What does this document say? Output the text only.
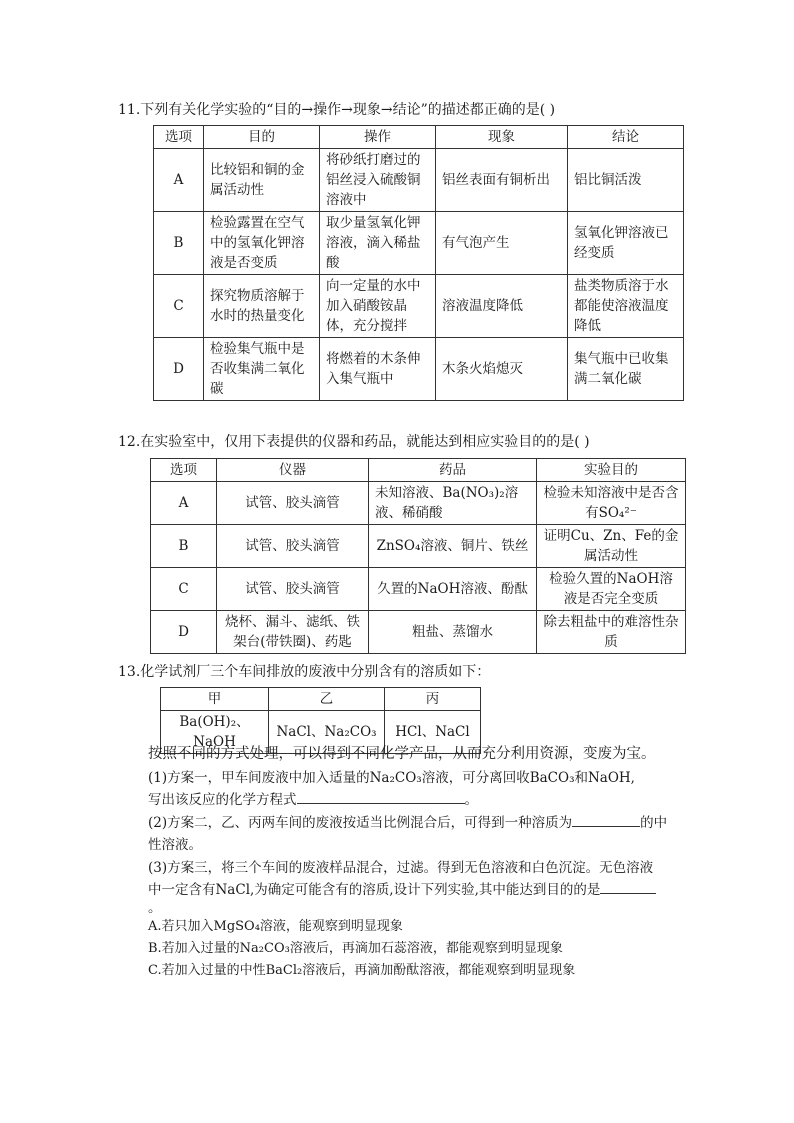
11.下列有关化学实验的“目的→操作→现象→结论”的描述都正确的是( )
选项	目的	操作	现象	结论
A	比较铝和铜的金属活动性	将砂纸打磨过的铝丝浸入硫酸铜溶液中	铝丝表面有铜析出	铝比铜活泼
B	检验露置在空气中的氢氧化钾溶液是否变质	取少量氢氧化钾溶液，滴入稀盐酸	有气泡产生	氢氧化钾溶液已经变质
C	探究物质溶解于水时的热量变化	向一定量的水中加入硝酸铵晶体，充分搅拌	溶液温度降低	盐类物质溶于水都能使溶液温度降低
D	检验集气瓶中是否收集满二氧化碳	将燃着的木条伸入集气瓶中	木条火焰熄灭	集气瓶中已收集满二氧化碳
12.在实验室中，仅用下表提供的仪器和药品，就能达到相应实验目的的是( )
选项	仪器	药品	实验目的
A	试管、胶头滴管	未知溶液、Ba(NO₃)₂溶液、稀硝酸	检验未知溶液中是否含有SO₄²⁻
B	试管、胶头滴管	ZnSO₄溶液、铜片、铁丝	证明Cu、Zn、Fe的金属活动性
C	试管、胶头滴管	久置的NaOH溶液、酚酞	检验久置的NaOH溶液是否完全变质
D	烧杯、漏斗、滤纸、铁架台(带铁圈)、药匙	粗盐、蒸馏水	除去粗盐中的难溶性杂质
13.化学试剂厂三个车间排放的废液中分别含有的溶质如下：
甲	乙	丙
Ba(OH)₂、NaOH	NaCl、Na₂CO₃	HCl、NaCl
按照不同的方式处理，可以得到不同化学产品，从而充分利用资源，变废为宝。
(1)方案一，甲车间废液中加入适量的Na₂CO₃溶液，可分离回收BaCO₃和NaOH,
写出该反应的化学方程式	。
(2)方案二，乙、丙两车间的废液按适当比例混合后，可得到一种溶质为	的中
性溶液。
(3)方案三，将三个车间的废液样品混合，过滤。得到无色溶液和白色沉淀。无色溶液
中一定含有NaCl,为确定可能含有的溶质,设计下列实验,其中能达到目的的是
。
A.若只加入MgSO₄溶液，能观察到明显现象
B.若加入过量的Na₂CO₃溶液后，再滴加石蕊溶液，都能观察到明显现象
C.若加入过量的中性BaCl₂溶液后，再滴加酚酞溶液，都能观察到明显现象
